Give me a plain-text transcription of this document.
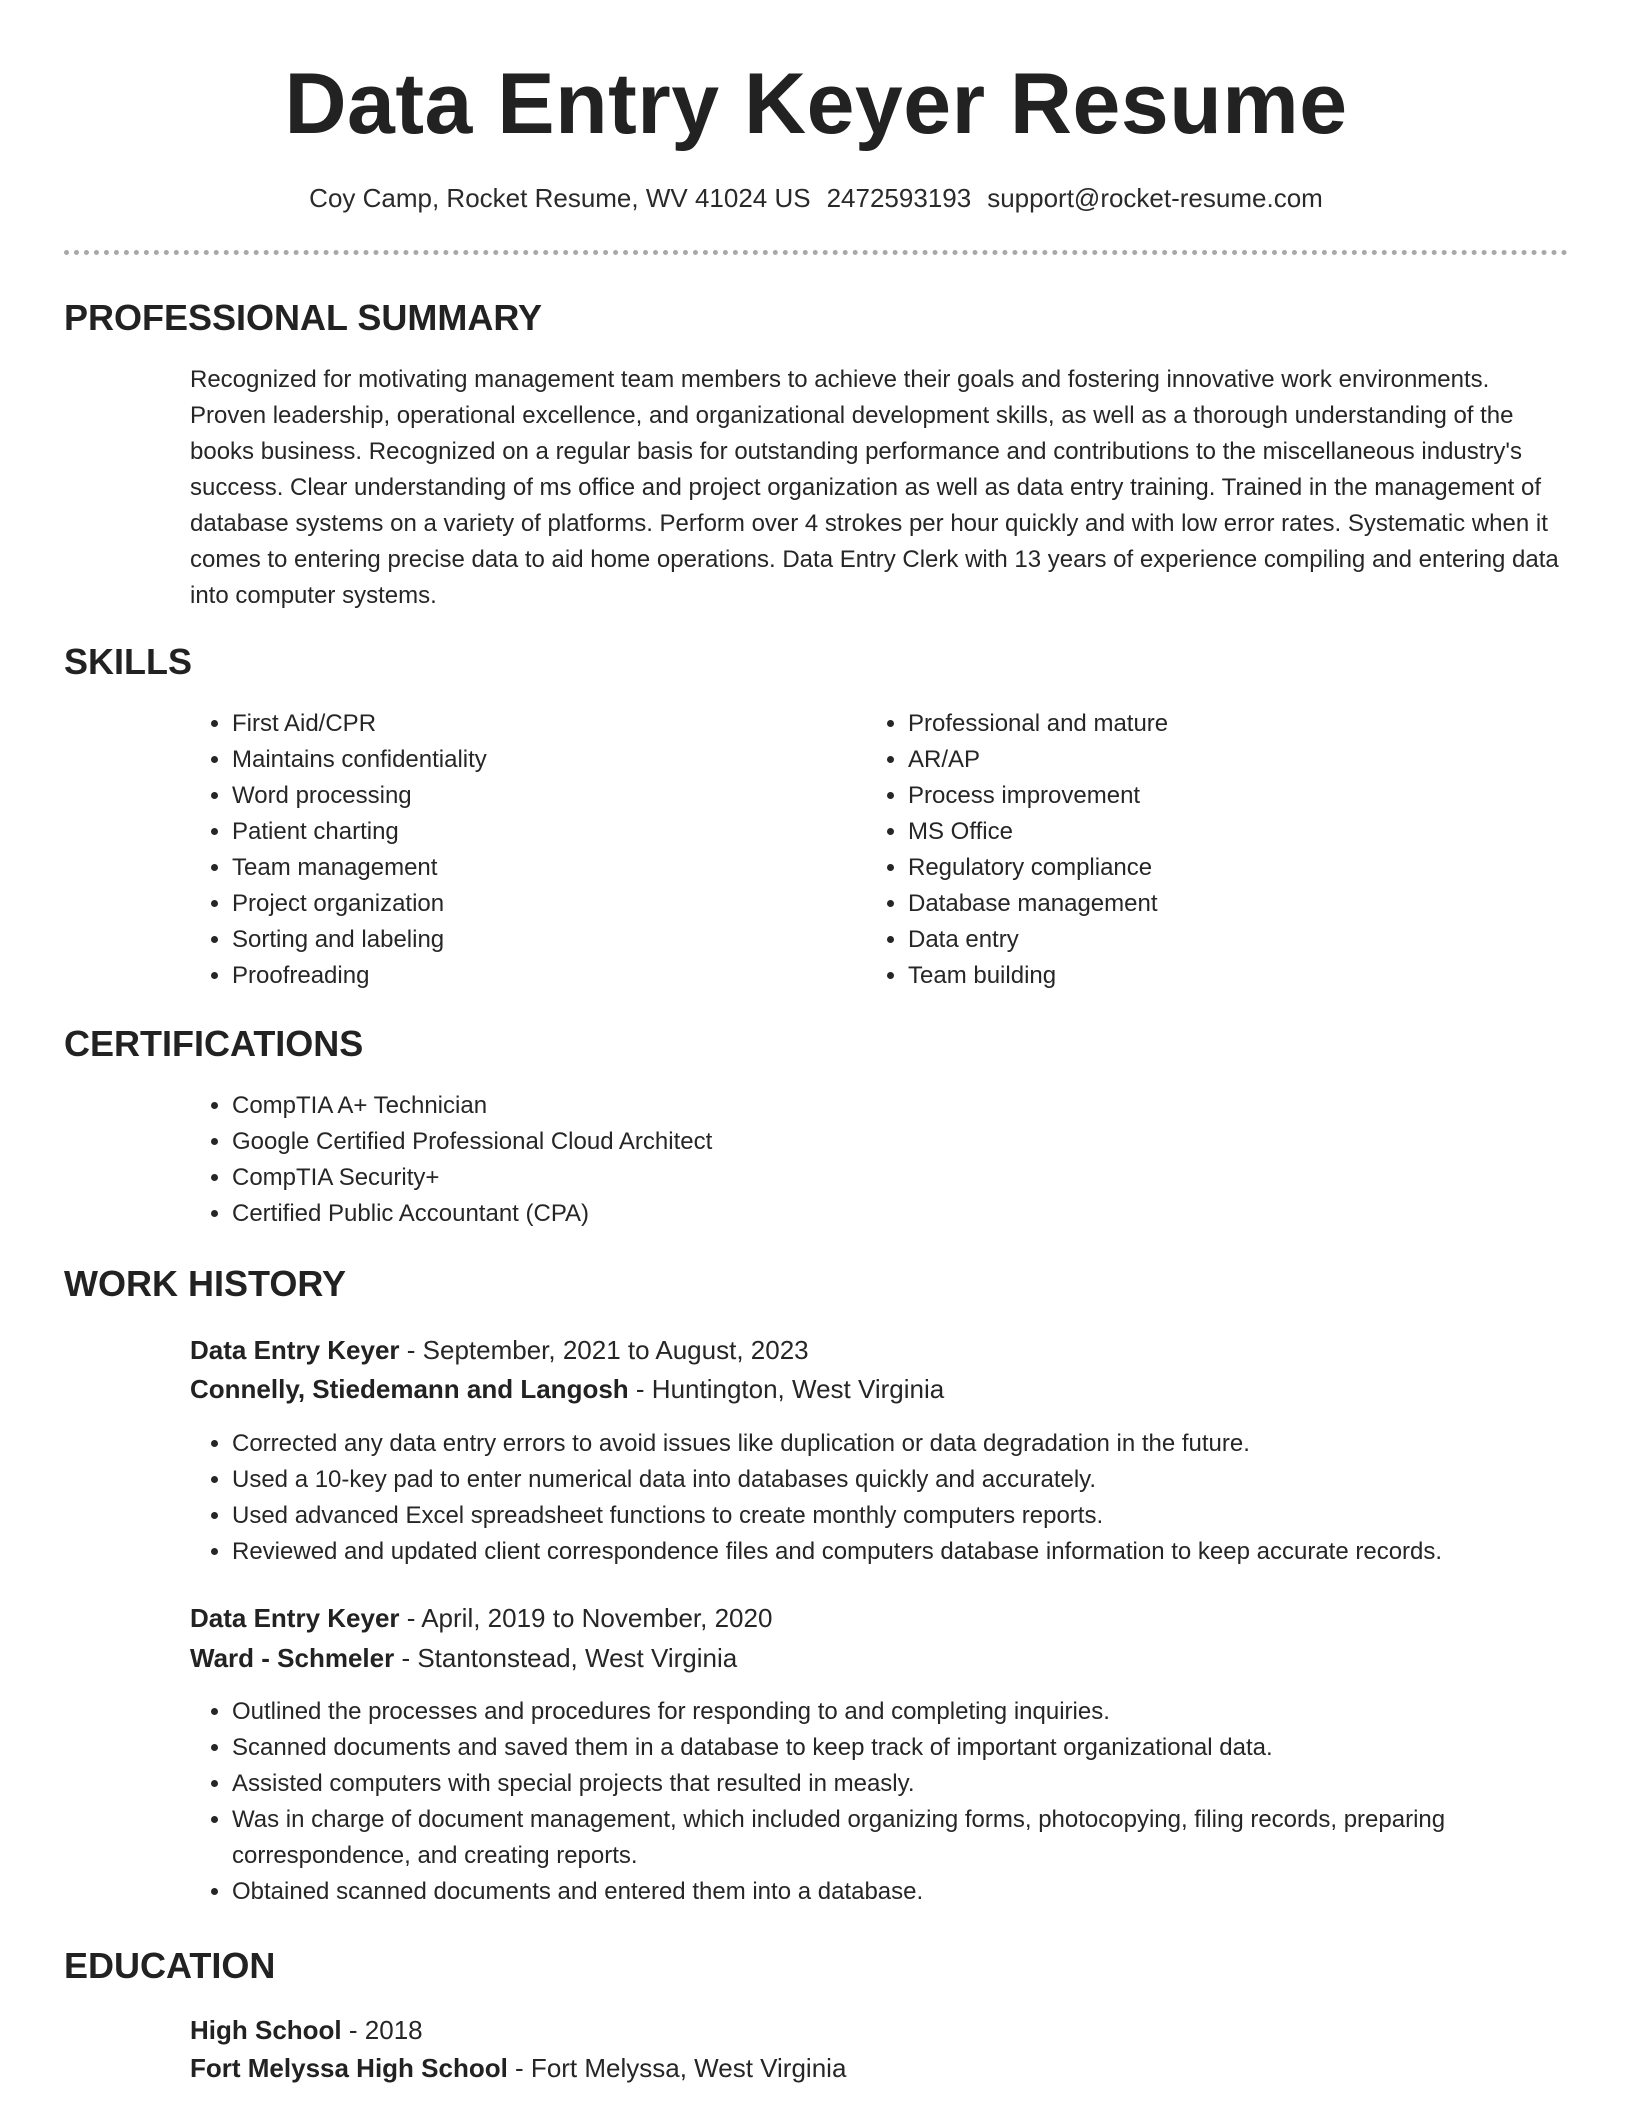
Data Entry Keyer Resume
Coy Camp, Rocket Resume, WV 41024 US 2472593193 support@rocket-resume.com
PROFESSIONAL SUMMARY

Recognized for motivating management team members to achieve their goals and fostering innovative work environments. Proven leadership, operational excellence, and organizational development skills, as well as a thorough understanding of the books business. Recognized on a regular basis for outstanding performance and contributions to the miscellaneous industry's success. Clear understanding of ms office and project organization as well as data entry training. Trained in the management of database systems on a variety of platforms. Perform over 4 strokes per hour quickly and with low error rates. Systematic when it comes to entering precise data to aid home operations. Data Entry Clerk with 13 years of experience compiling and entering data into computer systems.

SKILLS
• First Aid/CPR
• Maintains confidentiality
• Word processing
• Patient charting
• Team management
• Project organization
• Sorting and labeling
• Proofreading
• Professional and mature
• AR/AP
• Process improvement
• MS Office
• Regulatory compliance
• Database management
• Data entry
• Team building
CERTIFICATIONS
• CompTIA A+ Technician
• Google Certified Professional Cloud Architect
• CompTIA Security+
• Certified Public Accountant (CPA)
WORK HISTORY
Data Entry Keyer - September, 2021 to August, 2023
Connelly, Stiedemann and Langosh - Huntington, West Virginia
• Corrected any data entry errors to avoid issues like duplication or data degradation in the future.
• Used a 10-key pad to enter numerical data into databases quickly and accurately.
• Used advanced Excel spreadsheet functions to create monthly computers reports.
• Reviewed and updated client correspondence files and computers database information to keep accurate records.
Data Entry Keyer - April, 2019 to November, 2020
Ward - Schmeler - Stantonstead, West Virginia
• Outlined the processes and procedures for responding to and completing inquiries.
• Scanned documents and saved them in a database to keep track of important organizational data.
• Assisted computers with special projects that resulted in measly.
• Was in charge of document management, which included organizing forms, photocopying, filing records, preparing correspondence, and creating reports.
• Obtained scanned documents and entered them into a database.
EDUCATION
High School - 2018
Fort Melyssa High School - Fort Melyssa, West Virginia
